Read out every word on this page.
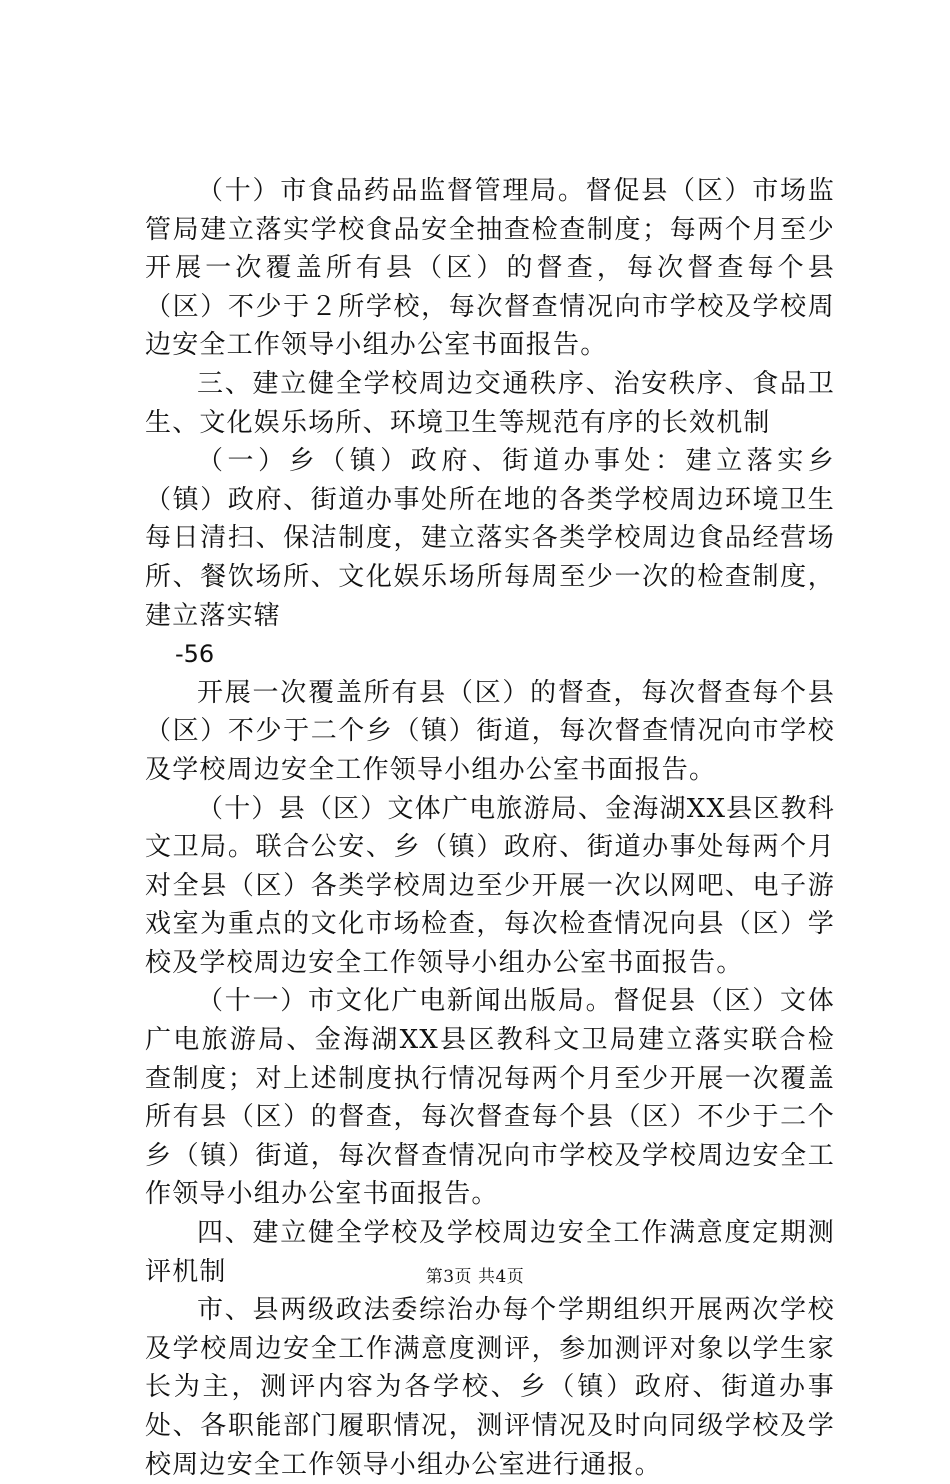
（十）市食品药品监督管理局。督促县（区）市场监管局建立落实学校食品安全抽查检查制度；每两个月至少开展一次覆盖所有县（区）的督查，每次督查每个县（区）不少于２所学校，每次督查情况向市学校及学校周边安全工作领导小组办公室书面报告。

三、建立健全学校周边交通秩序、治安秩序、食品卫生、文化娱乐场所、环境卫生等规范有序的长效机制

（一）乡（镇）政府、街道办事处：建立落实乡（镇）政府、街道办事处所在地的各类学校周边环境卫生每日清扫、保洁制度，建立落实各类学校周边食品经营场所、餐饮场所、文化娱乐场所每周至少一次的检查制度，建立落实辖

-56

开展一次覆盖所有县（区）的督查，每次督查每个县（区）不少于二个乡（镇）街道，每次督查情况向市学校及学校周边安全工作领导小组办公室书面报告。

（十）县（区）文体广电旅游局、金海湖XX县区教科文卫局。联合公安、乡（镇）政府、街道办事处每两个月对全县（区）各类学校周边至少开展一次以网吧、电子游戏室为重点的文化市场检查，每次检查情况向县（区）学校及学校周边安全工作领导小组办公室书面报告。

（十一）市文化广电新闻出版局。督促县（区）文体广电旅游局、金海湖XX县区教科文卫局建立落实联合检查制度；对上述制度执行情况每两个月至少开展一次覆盖所有县（区）的督查，每次督查每个县（区）不少于二个乡（镇）街道，每次督查情况向市学校及学校周边安全工作领导小组办公室书面报告。

四、建立健全学校及学校周边安全工作满意度定期测评机制

市、县两级政法委综治办每个学期组织开展两次学校及学校周边安全工作满意度测评，参加测评对象以学生家长为主，测评内容为各学校、乡（镇）政府、街道办事处、各职能部门履职情况，测评情况及时向同级学校及学校周边安全工作领导小组办公室进行通报。

第3页 共4页
